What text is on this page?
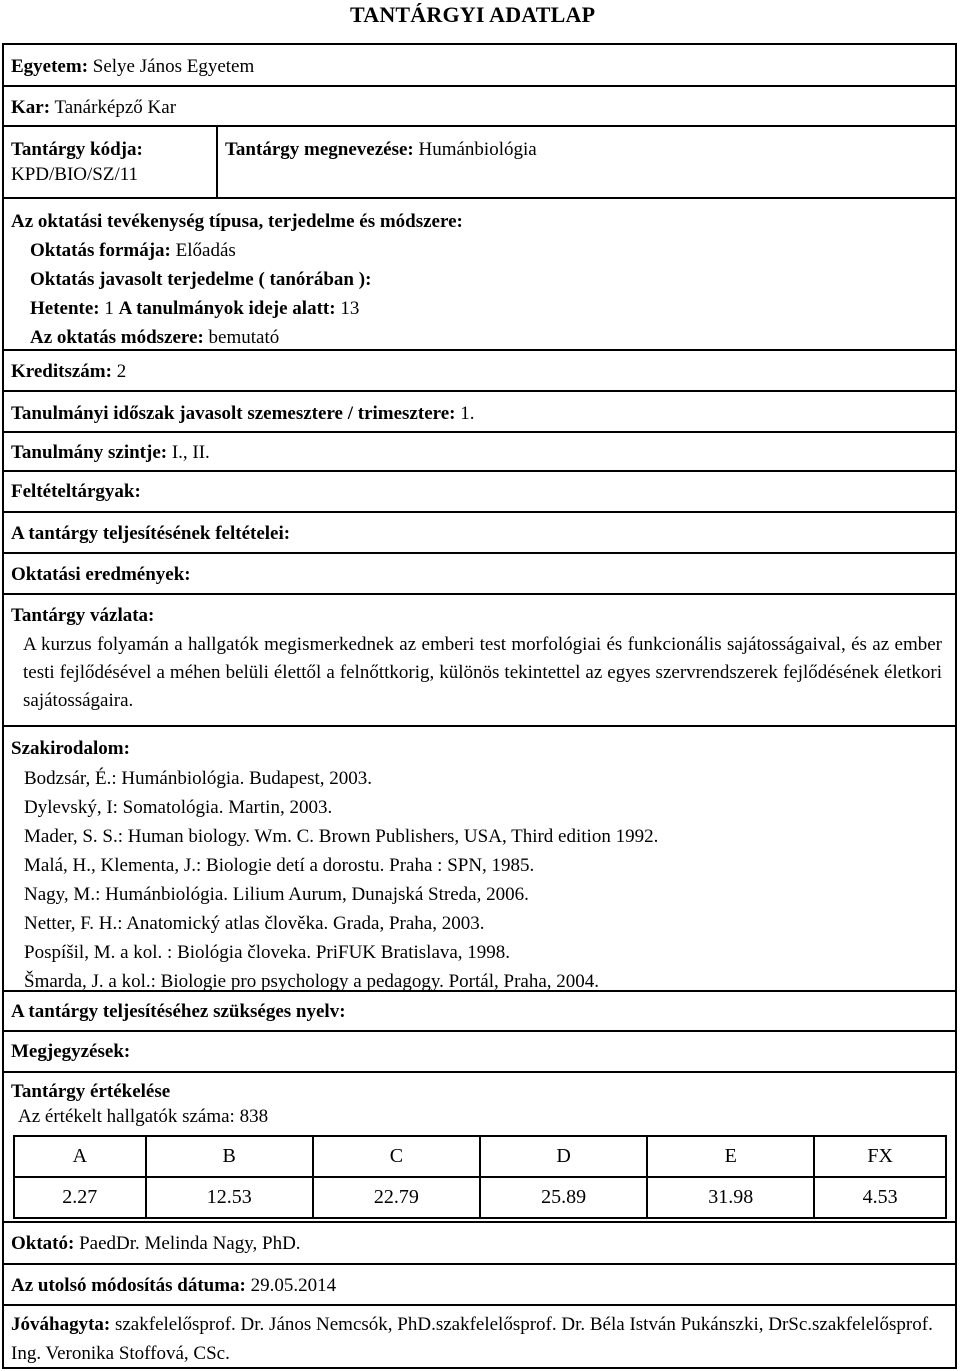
TANTÁRGYI ADATLAP
Egyetem: Selye János Egyetem
Kar: Tanárképző Kar
Tantárgy kódja:
KPD/BIO/SZ/11
Tantárgy megnevezése: Humánbiológia
Az oktatási tevékenység típusa, terjedelme és módszere:

Oktatás formája: Előadás
Oktatás javasolt terjedelme ( tanórában ):
Hetente: 1 A tanulmányok ideje alatt: 13
Az oktatás módszere: bemutató
Kreditszám: 2
Tanulmányi időszak javasolt szemesztere / trimesztere: 1.
Tanulmány szintje: I., II.
Feltételtárgyak:
A tantárgy teljesítésének feltételei:
Oktatási eredmények:
Tantárgy vázlata:
A kurzus folyamán a hallgatók megismerkednek az emberi test morfológiai és funkcionális sajátosságaival, és az ember testi fejlődésével a méhen belüli élettől a felnőttkorig, különös tekintettel az egyes szervrendszerek fejlődésének életkori sajátosságaira.
Szakirodalom:
Bodzsár, É.: Humánbiológia. Budapest, 2003.
Dylevský, I: Somatológia. Martin, 2003.
Mader, S. S.: Human biology. Wm. C. Brown Publishers, USA, Third edition 1992.
Malá, H., Klementa, J.: Biologie detí a dorostu. Praha : SPN, 1985.
Nagy, M.: Humánbiológia. Lilium Aurum, Dunajská Streda, 2006.
Netter, F. H.: Anatomický atlas člověka. Grada, Praha, 2003.
Pospíšil, M. a kol. : Biológia človeka. PriFUK Bratislava, 1998.
Šmarda, J. a kol.: Biologie pro psychology a pedagogy. Portál, Praha, 2004.
A tantárgy teljesítéséhez szükséges nyelv:
Megjegyzések:
Tantárgy értékelése
Az értékelt hallgatók száma: 838
A	B	C	D	E	FX
2.27	12.53	22.79	25.89	31.98	4.53
Oktató: PaedDr. Melinda Nagy, PhD.
Az utolsó módosítás dátuma: 29.05.2014
Jóváhagyta: szakfelelősprof. Dr. János Nemcsók, PhD.szakfelelősprof. Dr. Béla István Pukánszki, DrSc.szakfelelősprof. Ing. Veronika Stoffová, CSc.
